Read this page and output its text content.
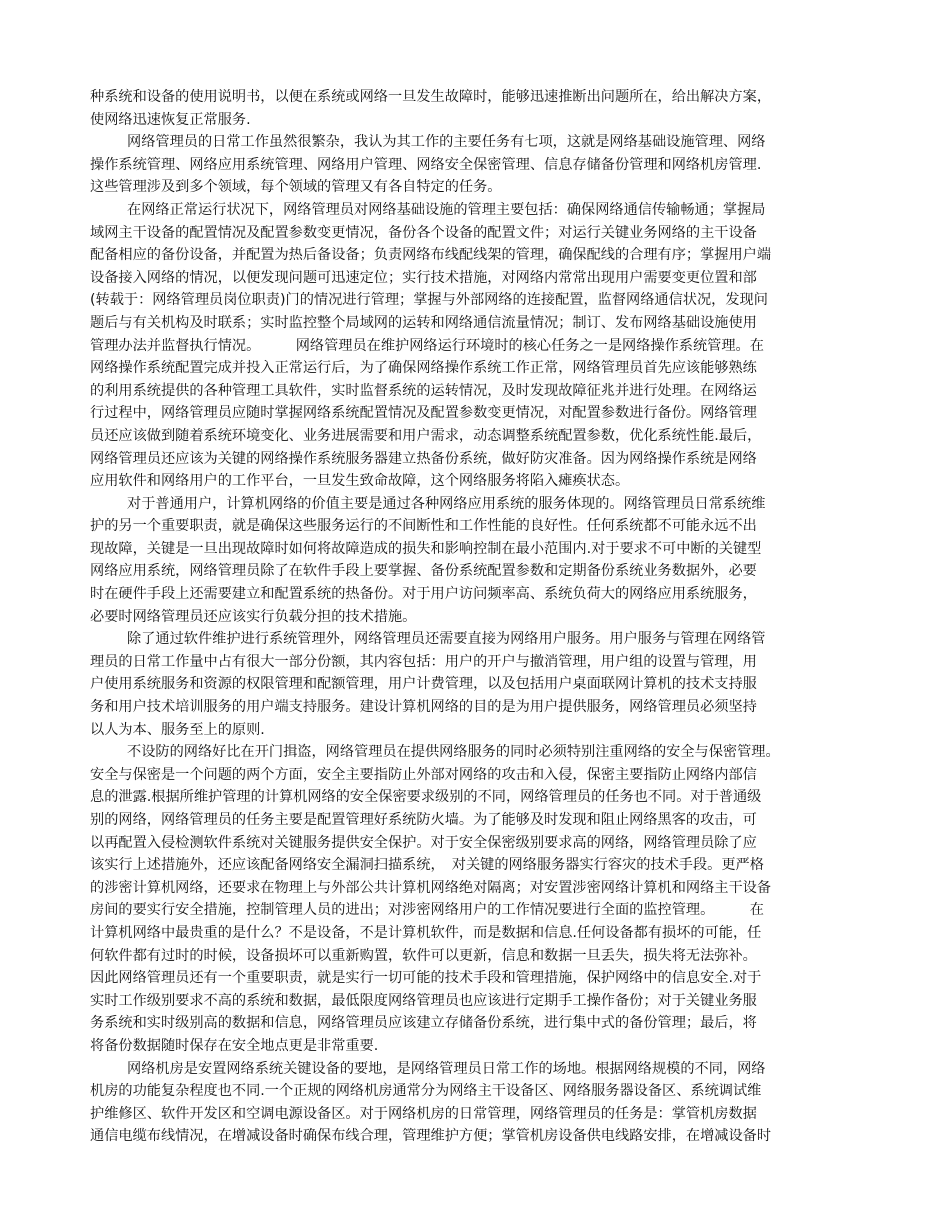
种系统和设备的使用说明书，以便在系统或网络一旦发生故障时，能够迅速推断出问题所在，给出解决方案，
使网络迅速恢复正常服务.
网络管理员的日常工作虽然很繁杂，我认为其工作的主要任务有七项，这就是网络基础设施管理、网络
操作系统管理、网络应用系统管理、网络用户管理、网络安全保密管理、信息存储备份管理和网络机房管理.
这些管理涉及到多个领域，每个领域的管理又有各自特定的任务。
在网络正常运行状况下，网络管理员对网络基础设施的管理主要包括：确保网络通信传输畅通；掌握局
域网主干设备的配置情况及配置参数变更情况，备份各个设备的配置文件；对运行关键业务网络的主干设备
配备相应的备份设备，并配置为热后备设备；负责网络布线配线架的管理，确保配线的合理有序；掌握用户端
设备接入网络的情况，以便发现问题可迅速定位；实行技术措施，对网络内常常出现用户需要变更位置和部
(转载于：网络管理员岗位职责)门的情况进行管理；掌握与外部网络的连接配置，监督网络通信状况，发现问
题后与有关机构及时联系；实时监控整个局域网的运转和网络通信流量情况；制订、发布网络基础设施使用
管理办法并监督执行情况。　　　网络管理员在维护网络运行环境时的核心任务之一是网络操作系统管理。在
网络操作系统配置完成并投入正常运行后，为了确保网络操作系统工作正常，网络管理员首先应该能够熟练
的利用系统提供的各种管理工具软件，实时监督系统的运转情况，及时发现故障征兆并进行处理。在网络运
行过程中，网络管理员应随时掌握网络系统配置情况及配置参数变更情况，对配置参数进行备份。网络管理
员还应该做到随着系统环境变化、业务进展需要和用户需求，动态调整系统配置参数，优化系统性能.最后，
网络管理员还应该为关键的网络操作系统服务器建立热备份系统，做好防灾准备。因为网络操作系统是网络
应用软件和网络用户的工作平台，一旦发生致命故障，这个网络服务将陷入瘫痪状态。
对于普通用户，计算机网络的价值主要是通过各种网络应用系统的服务体现的。网络管理员日常系统维
护的另一个重要职责，就是确保这些服务运行的不间断性和工作性能的良好性。任何系统都不可能永远不出
现故障，关键是一旦出现故障时如何将故障造成的损失和影响控制在最小范围内.对于要求不可中断的关键型
网络应用系统，网络管理员除了在软件手段上要掌握、备份系统配置参数和定期备份系统业务数据外，必要
时在硬件手段上还需要建立和配置系统的热备份。对于用户访问频率高、系统负荷大的网络应用系统服务，
必要时网络管理员还应该实行负载分担的技术措施。
除了通过软件维护进行系统管理外，网络管理员还需要直接为网络用户服务。用户服务与管理在网络管
理员的日常工作量中占有很大一部分份额，其内容包括：用户的开户与撤消管理，用户组的设置与管理，用
户使用系统服务和资源的权限管理和配额管理，用户计费管理，以及包括用户桌面联网计算机的技术支持服
务和用户技术培训服务的用户端支持服务。建设计算机网络的目的是为用户提供服务，网络管理员必须坚持
以人为本、服务至上的原则.
不设防的网络好比在开门揖盗，网络管理员在提供网络服务的同时必须特别注重网络的安全与保密管理。
安全与保密是一个问题的两个方面，安全主要指防止外部对网络的攻击和入侵，保密主要指防止网络内部信
息的泄露.根据所维护管理的计算机网络的安全保密要求级别的不同，网络管理员的任务也不同。对于普通级
别的网络，网络管理员的任务主要是配置管理好系统防火墙。为了能够及时发现和阻止网络黑客的攻击，可
以再配置入侵检测软件系统对关键服务提供安全保护。对于安全保密级别要求高的网络，网络管理员除了应
该实行上述措施外，还应该配备网络安全漏洞扫描系统，　对关键的网络服务器实行容灾的技术手段。更严格
的涉密计算机网络，还要求在物理上与外部公共计算机网络绝对隔离；对安置涉密网络计算机和网络主干设备
房间的要实行安全措施，控制管理人员的进出；对涉密网络用户的工作情况要进行全面的监控管理。　　　在
计算机网络中最贵重的是什么？不是设备，不是计算机软件，而是数据和信息.任何设备都有损坏的可能，任
何软件都有过时的时候，设备损坏可以重新购置，软件可以更新，信息和数据一旦丢失，损失将无法弥补。
因此网络管理员还有一个重要职责，就是实行一切可能的技术手段和管理措施，保护网络中的信息安全.对于
实时工作级别要求不高的系统和数据，最低限度网络管理员也应该进行定期手工操作备份；对于关键业务服
务系统和实时级别高的数据和信息，网络管理员应该建立存储备份系统，进行集中式的备份管理；最后，将
将备份数据随时保存在安全地点更是非常重要.
网络机房是安置网络系统关键设备的要地，是网络管理员日常工作的场地。根据网络规模的不同，网络
机房的功能复杂程度也不同.一个正规的网络机房通常分为网络主干设备区、网络服务器设备区、系统调试维
护维修区、软件开发区和空调电源设备区。对于网络机房的日常管理，网络管理员的任务是：掌管机房数据
通信电缆布线情况，在增减设备时确保布线合理，管理维护方便；掌管机房设备供电线路安排，在增减设备时
